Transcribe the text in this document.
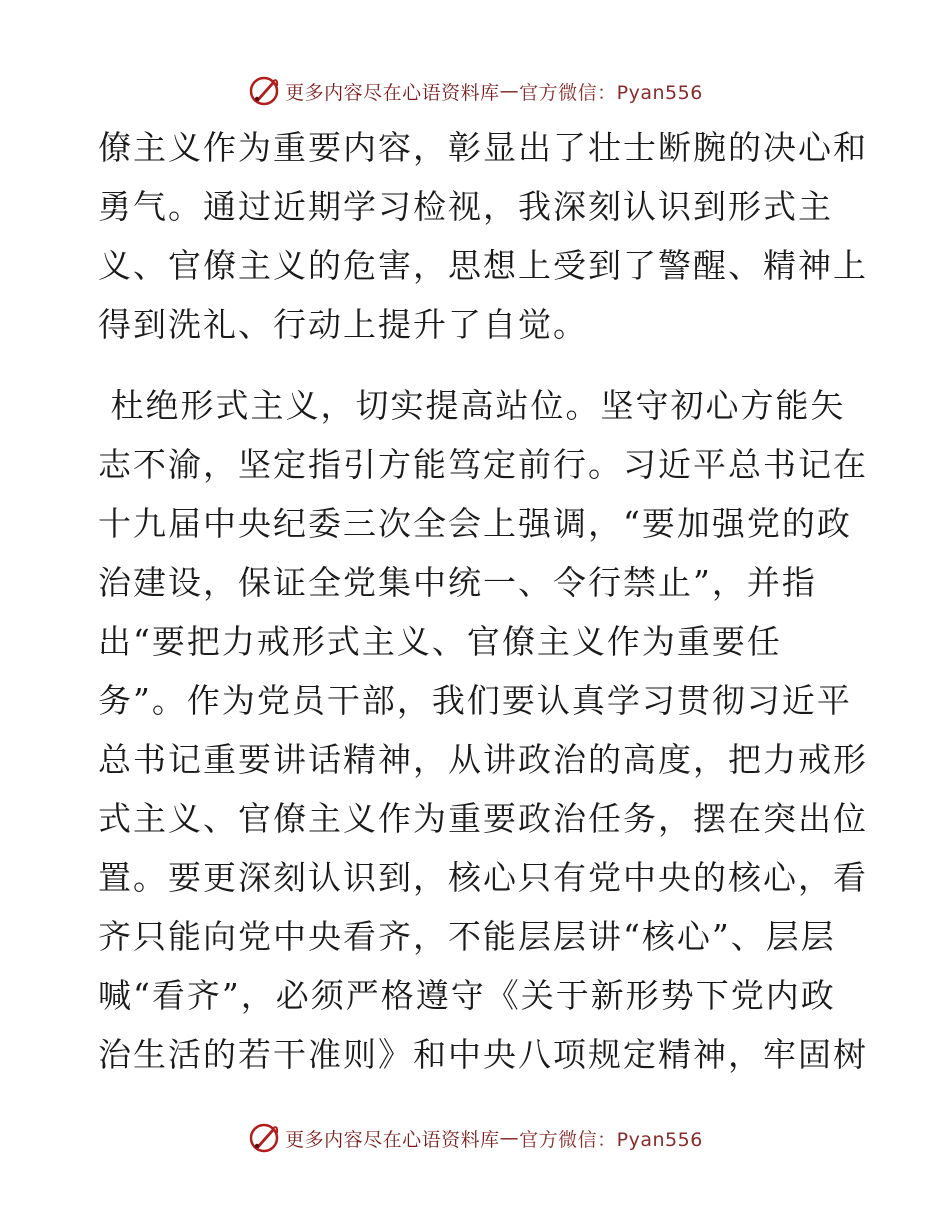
更多内容尽在心语资料库 — 官方微信：Pyan556
僚主义作为重要内容，彰显出了壮士断腕的决心和
勇气。通过近期学习检视，我深刻认识到形式主
义、官僚主义的危害，思想上受到了警醒、精神上
得到洗礼、行动上提升了自觉。
杜绝形式主义，切实提高站位。坚守初心方能矢
志不渝，坚定指引方能笃定前行。习近平总书记在
十九届中央纪委三次全会上强调，“要加强党的政
治建设，保证全党集中统一、令行禁止”，并指
出“要把力戒形式主义、官僚主义作为重要任
务”。作为党员干部，我们要认真学习贯彻习近平
总书记重要讲话精神，从讲政治的高度，把力戒形
式主义、官僚主义作为重要政治任务，摆在突出位
置。要更深刻认识到，核心只有党中央的核心，看
齐只能向党中央看齐，不能层层讲“核心”、层层
喊“看齐”，必须严格遵守《关于新形势下党内政
治生活的若干准则》和中央八项规定精神，牢固树
更多内容尽在心语资料库 — 官方微信：Pyan556
